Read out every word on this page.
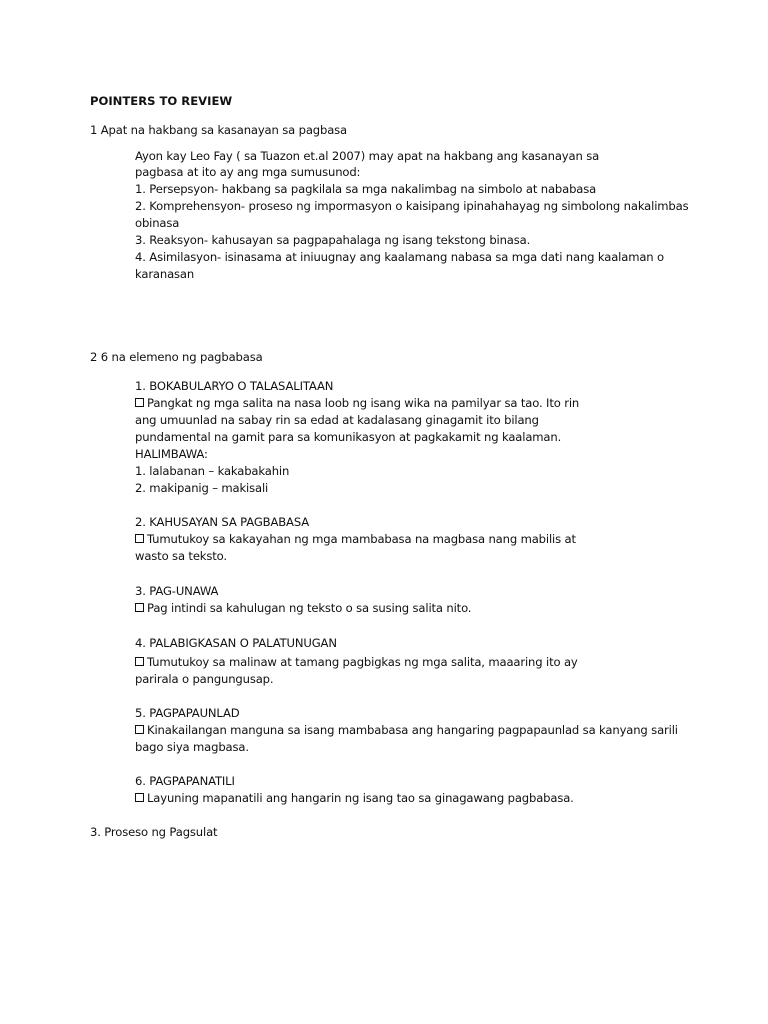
POINTERS TO REVIEW
1 Apat na hakbang sa kasanayan sa pagbasa
Ayon kay Leo Fay ( sa Tuazon et.al 2007) may apat na hakbang ang kasanayan sa
pagbasa at ito ay ang mga sumusunod:
1. Persepsyon- hakbang sa pagkilala sa mga nakalimbag na simbolo at nababasa
2. Komprehensyon- proseso ng impormasyon o kaisipang ipinahahayag ng simbolong nakalimbas
obinasa
3. Reaksyon- kahusayan sa pagpapahalaga ng isang tekstong binasa.
4. Asimilasyon- isinasama at iniuugnay ang kaalamang nabasa sa mga dati nang kaalaman o
karanasan
2 6 na elemeno ng pagbabasa
1. BOKABULARYO O TALASALITAAN
Pangkat ng mga salita na nasa loob ng isang wika na pamilyar sa tao. Ito rin
ang umuunlad na sabay rin sa edad at kadalasang ginagamit ito bilang
pundamental na gamit para sa komunikasyon at pagkakamit ng kaalaman.
HALIMBAWA:
1. lalabanan – kakabakahin
2. makipanig – makisali
2. KAHUSAYAN SA PAGBABASA
Tumutukoy sa kakayahan ng mga mambabasa na magbasa nang mabilis at
wasto sa teksto.
3. PAG-UNAWA
Pag intindi sa kahulugan ng teksto o sa susing salita nito.
4. PALABIGKASAN O PALATUNUGAN
Tumutukoy sa malinaw at tamang pagbigkas ng mga salita, maaaring ito ay
parirala o pangungusap.
5. PAGPAPAUNLAD
Kinakailangan manguna sa isang mambabasa ang hangaring pagpapaunlad sa kanyang sarili
bago siya magbasa.
6. PAGPAPANATILI
Layuning mapanatili ang hangarin ng isang tao sa ginagawang pagbabasa.
3. Proseso ng Pagsulat
